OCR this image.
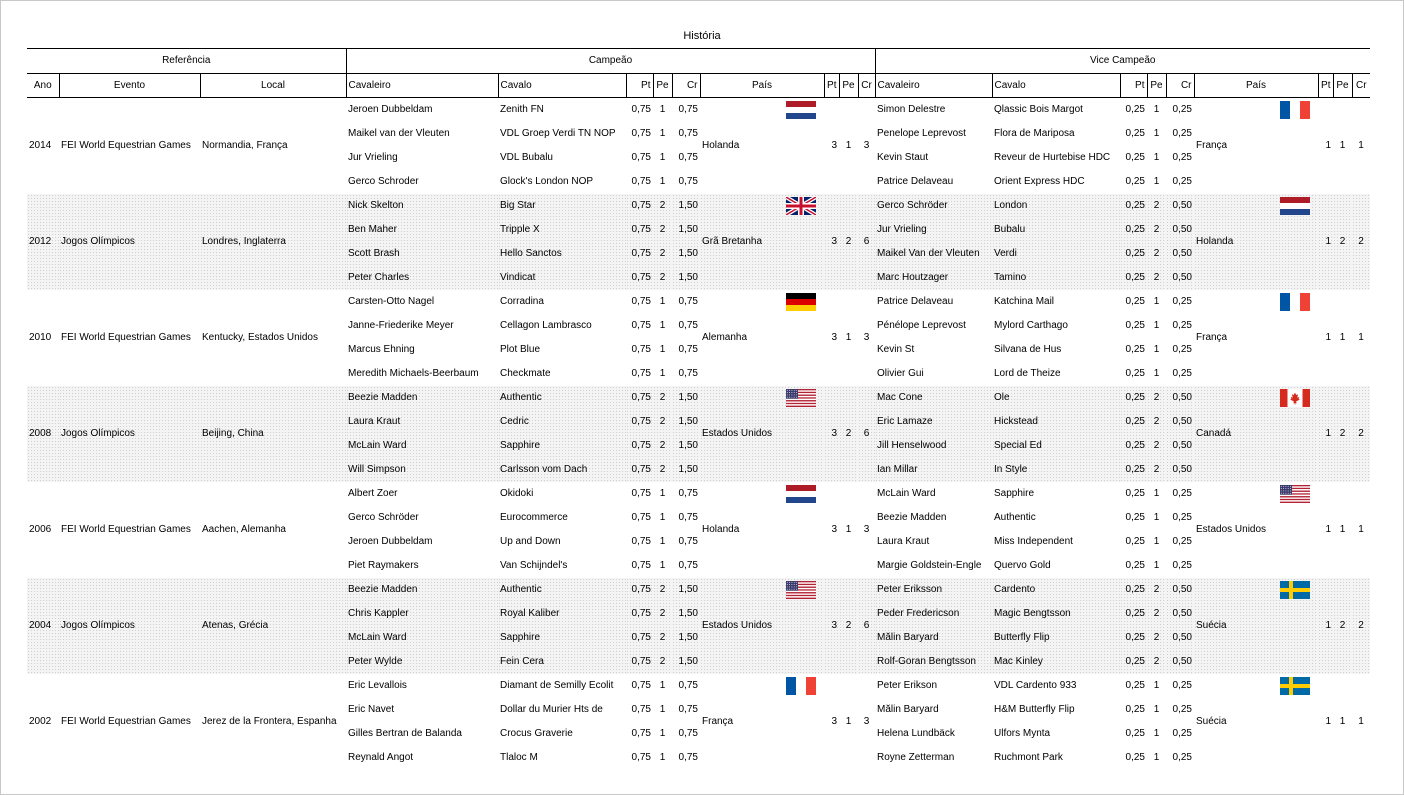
História
Referência			Campeão									Vice Campeão								
Ano	Evento	Local	Cavaleiro	Cavalo	Pt	Pe	Cr	País	Pt	Pe	Cr	Cavaleiro	Cavalo	Pt	Pe	Cr	País	Pt	Pe	Cr
2014	FEI World Equestrian Games	Normandia, França	Jeroen Dubbeldam	Zenith FN	0,75	1	0,75	Holanda	3	1	3	Simon Delestre	Qlassic Bois Margot	0,25	1	0,25	França	1	1	1
			Maikel van der Vleuten	VDL Groep Verdi TN NOP	0,75	1	0,75					Penelope Leprevost	Flora de Mariposa	0,25	1	0,25				
			Jur Vrieling	VDL Bubalu	0,75	1	0,75					Kevin Staut	Reveur de Hurtebise HDC	0,25	1	0,25				
			Gerco Schroder	Glock's London NOP	0,75	1	0,75					Patrice Delaveau	Orient Express HDC	0,25	1	0,25				
2012	Jogos Olímpicos	Londres, Inglaterra	Nick Skelton	Big Star	0,75	2	1,50	Grã Bretanha	3	2	6	Gerco Schröder	London	0,25	2	0,50	Holanda	1	2	2
			Ben Maher	Tripple X	0,75	2	1,50					Jur Vrieling	Bubalu	0,25	2	0,50				
			Scott Brash	Hello Sanctos	0,75	2	1,50					Maikel Van der Vleuten	Verdi	0,25	2	0,50				
			Peter Charles	Vindicat	0,75	2	1,50					Marc Houtzager	Tamino	0,25	2	0,50				
2010	FEI World Equestrian Games	Kentucky, Estados Unidos	Carsten-Otto Nagel	Corradina	0,75	1	0,75	Alemanha	3	1	3	Patrice Delaveau	Katchina Mail	0,25	1	0,25	França	1	1	1
			Janne-Friederike Meyer	Cellagon Lambrasco	0,75	1	0,75					Pénélope Leprevost	Mylord Carthago	0,25	1	0,25				
			Marcus Ehning	Plot Blue	0,75	1	0,75					Kevin St	Silvana de Hus	0,25	1	0,25				
			Meredith Michaels-Beerbaum	Checkmate	0,75	1	0,75					Olivier Gui	Lord de Theize	0,25	1	0,25				
2008	Jogos Olímpicos	Beijing, China	Beezie Madden	Authentic	0,75	2	1,50	Estados Unidos	3	2	6	Mac Cone	Ole	0,25	2	0,50	Canadá	1	2	2
			Laura Kraut	Cedric	0,75	2	1,50					Eric Lamaze	Hickstead	0,25	2	0,50				
			McLain Ward	Sapphire	0,75	2	1,50					Jill Henselwood	Special Ed	0,25	2	0,50				
			Will Simpson	Carlsson vom Dach	0,75	2	1,50					Ian Millar	In Style	0,25	2	0,50				
2006	FEI World Equestrian Games	Aachen, Alemanha	Albert Zoer	Okidoki	0,75	1	0,75	Holanda	3	1	3	McLain Ward	Sapphire	0,25	1	0,25	Estados Unidos	1	1	1
			Gerco Schröder	Eurocommerce	0,75	1	0,75					Beezie Madden	Authentic	0,25	1	0,25				
			Jeroen Dubbeldam	Up and Down	0,75	1	0,75					Laura Kraut	Miss Independent	0,25	1	0,25				
			Piet Raymakers	Van Schijndel's	0,75	1	0,75					Margie Goldstein-Engle	Quervo Gold	0,25	1	0,25				
2004	Jogos Olímpicos	Atenas, Grécia	Beezie Madden	Authentic	0,75	2	1,50	Estados Unidos	3	2	6	Peter Eriksson	Cardento	0,25	2	0,50	Suécia	1	2	2
			Chris Kappler	Royal Kaliber	0,75	2	1,50					Peder Fredericson	Magic Bengtsson	0,25	2	0,50				
			McLain Ward	Sapphire	0,75	2	1,50					Mălin Baryard	Butterfly Flip	0,25	2	0,50				
			Peter Wylde	Fein Cera	0,75	2	1,50					Rolf-Goran Bengtsson	Mac Kinley	0,25	2	0,50				
2002	FEI World Equestrian Games	Jerez de la Frontera, Espanha	Eric Levallois	Diamant de Semilly Ecolit	0,75	1	0,75	França	3	1	3	Peter Erikson	VDL Cardento 933	0,25	1	0,25	Suécia	1	1	1
			Eric Navet	Dollar du Murier Hts de	0,75	1	0,75					Mălin Baryard	H&M Butterfly Flip	0,25	1	0,25				
			Gilles Bertran de Balanda	Crocus Graverie	0,75	1	0,75					Helena Lundbäck	Ulfors Mynta	0,25	1	0,25				
			Reynald Angot	Tlaloc M	0,75	1	0,75					Royne Zetterman	Ruchmont Park	0,25	1	0,25				
